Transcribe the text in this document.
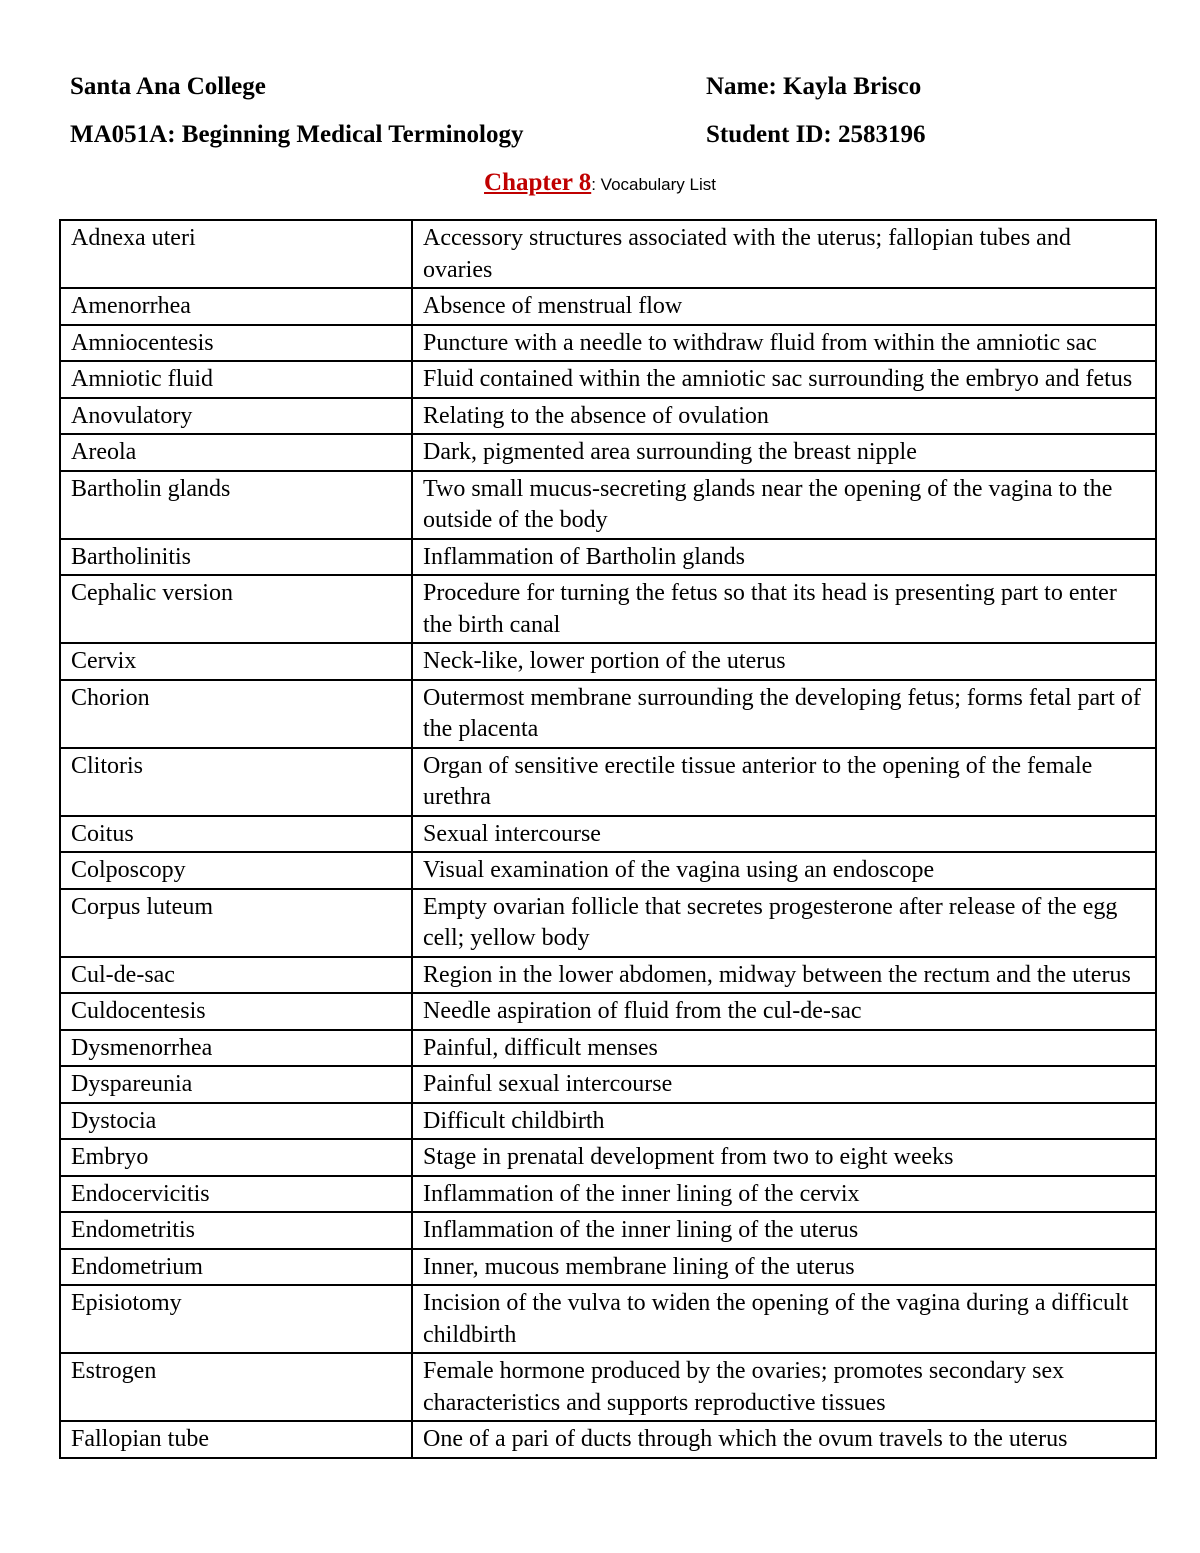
Santa Ana College
MA051A: Beginning Medical Terminology
Name: Kayla Brisco
Student ID: 2583196
Chapter 8: Vocabulary List
Adnexa uteri	Accessory structures associated with the uterus; fallopian tubes and ovaries
Amenorrhea	Absence of menstrual flow
Amniocentesis	Puncture with a needle to withdraw fluid from within the amniotic sac
Amniotic fluid	Fluid contained within the amniotic sac surrounding the embryo and fetus
Anovulatory	Relating to the absence of ovulation
Areola	Dark, pigmented area surrounding the breast nipple
Bartholin glands	Two small mucus-secreting glands near the opening of the vagina to the outside of the body
Bartholinitis	Inflammation of Bartholin glands
Cephalic version	Procedure for turning the fetus so that its head is presenting part to enter the birth canal
Cervix	Neck-like, lower portion of the uterus
Chorion	Outermost membrane surrounding the developing fetus; forms fetal part of the placenta
Clitoris	Organ of sensitive erectile tissue anterior to the opening of the female urethra
Coitus	Sexual intercourse
Colposcopy	Visual examination of the vagina using an endoscope
Corpus luteum	Empty ovarian follicle that secretes progesterone after release of the egg cell; yellow body
Cul-de-sac	Region in the lower abdomen, midway between the rectum and the uterus
Culdocentesis	Needle aspiration of fluid from the cul-de-sac
Dysmenorrhea	Painful, difficult menses
Dyspareunia	Painful sexual intercourse
Dystocia	Difficult childbirth
Embryo	Stage in prenatal development from two to eight weeks
Endocervicitis	Inflammation of the inner lining of the cervix
Endometritis	Inflammation of the inner lining of the uterus
Endometrium	Inner, mucous membrane lining of the uterus
Episiotomy	Incision of the vulva to widen the opening of the vagina during a difficult childbirth
Estrogen	Female hormone produced by the ovaries; promotes secondary sex characteristics and supports reproductive tissues
Fallopian tube	One of a pari of ducts through which the ovum travels to the uterus
